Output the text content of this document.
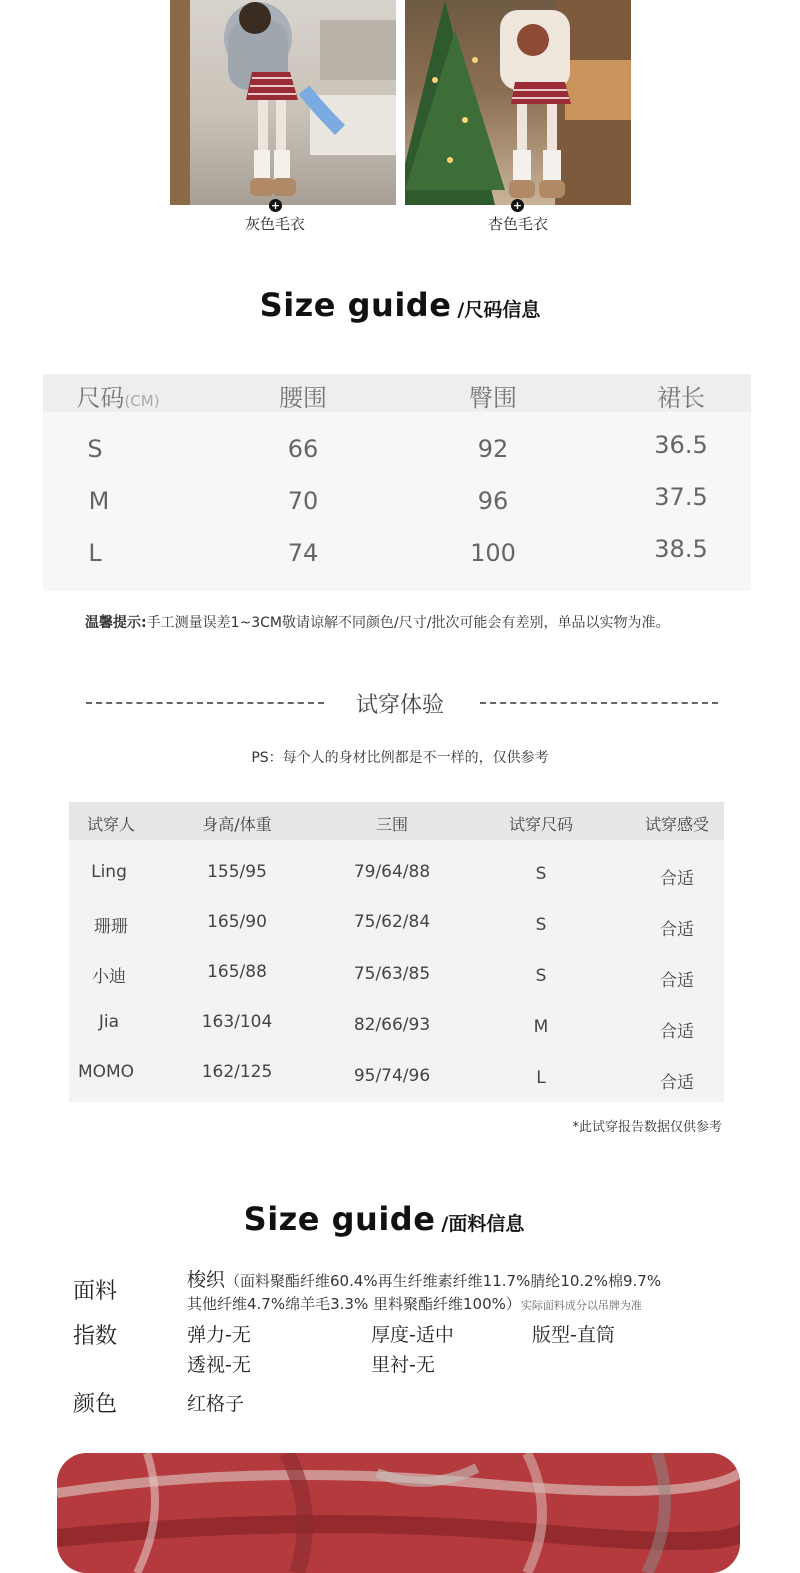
+	+
灰色毛衣	杏色毛衣
Size guide /尺码信息
尺码(CM)	腰围	臀围	裙长
S	66	92	36.5
M	70	96	37.5
L	74	100	38.5
温馨提示:手工测量误差1~3CM敬请谅解不同颜色/尺寸/批次可能会有差别，单品以实物为准。
试穿体验
PS：每个人的身材比例都是不一样的，仅供参考
试穿人	身高/体重	三围	试穿尺码	试穿感受
Ling	155/95	79/64/88	S	合适
珊珊	165/90	75/62/84	S	合适
小迪	165/88	75/63/85	S	合适
Jia	163/104	82/66/93	M	合适
MOMO	162/125	95/74/96	L	合适
*此试穿报告数据仅供参考
Size guide /面料信息
面料	梭织（面料聚酯纤维60.4%再生纤维素纤维11.7%腈纶10.2%棉9.7%
其他纤维4.7%绵羊毛3.3% 里料聚酯纤维100%）实际面料成分以吊牌为准
指数	弹力-无	厚度-适中	版型-直筒
透视-无	里衬-无
颜色	红格子
